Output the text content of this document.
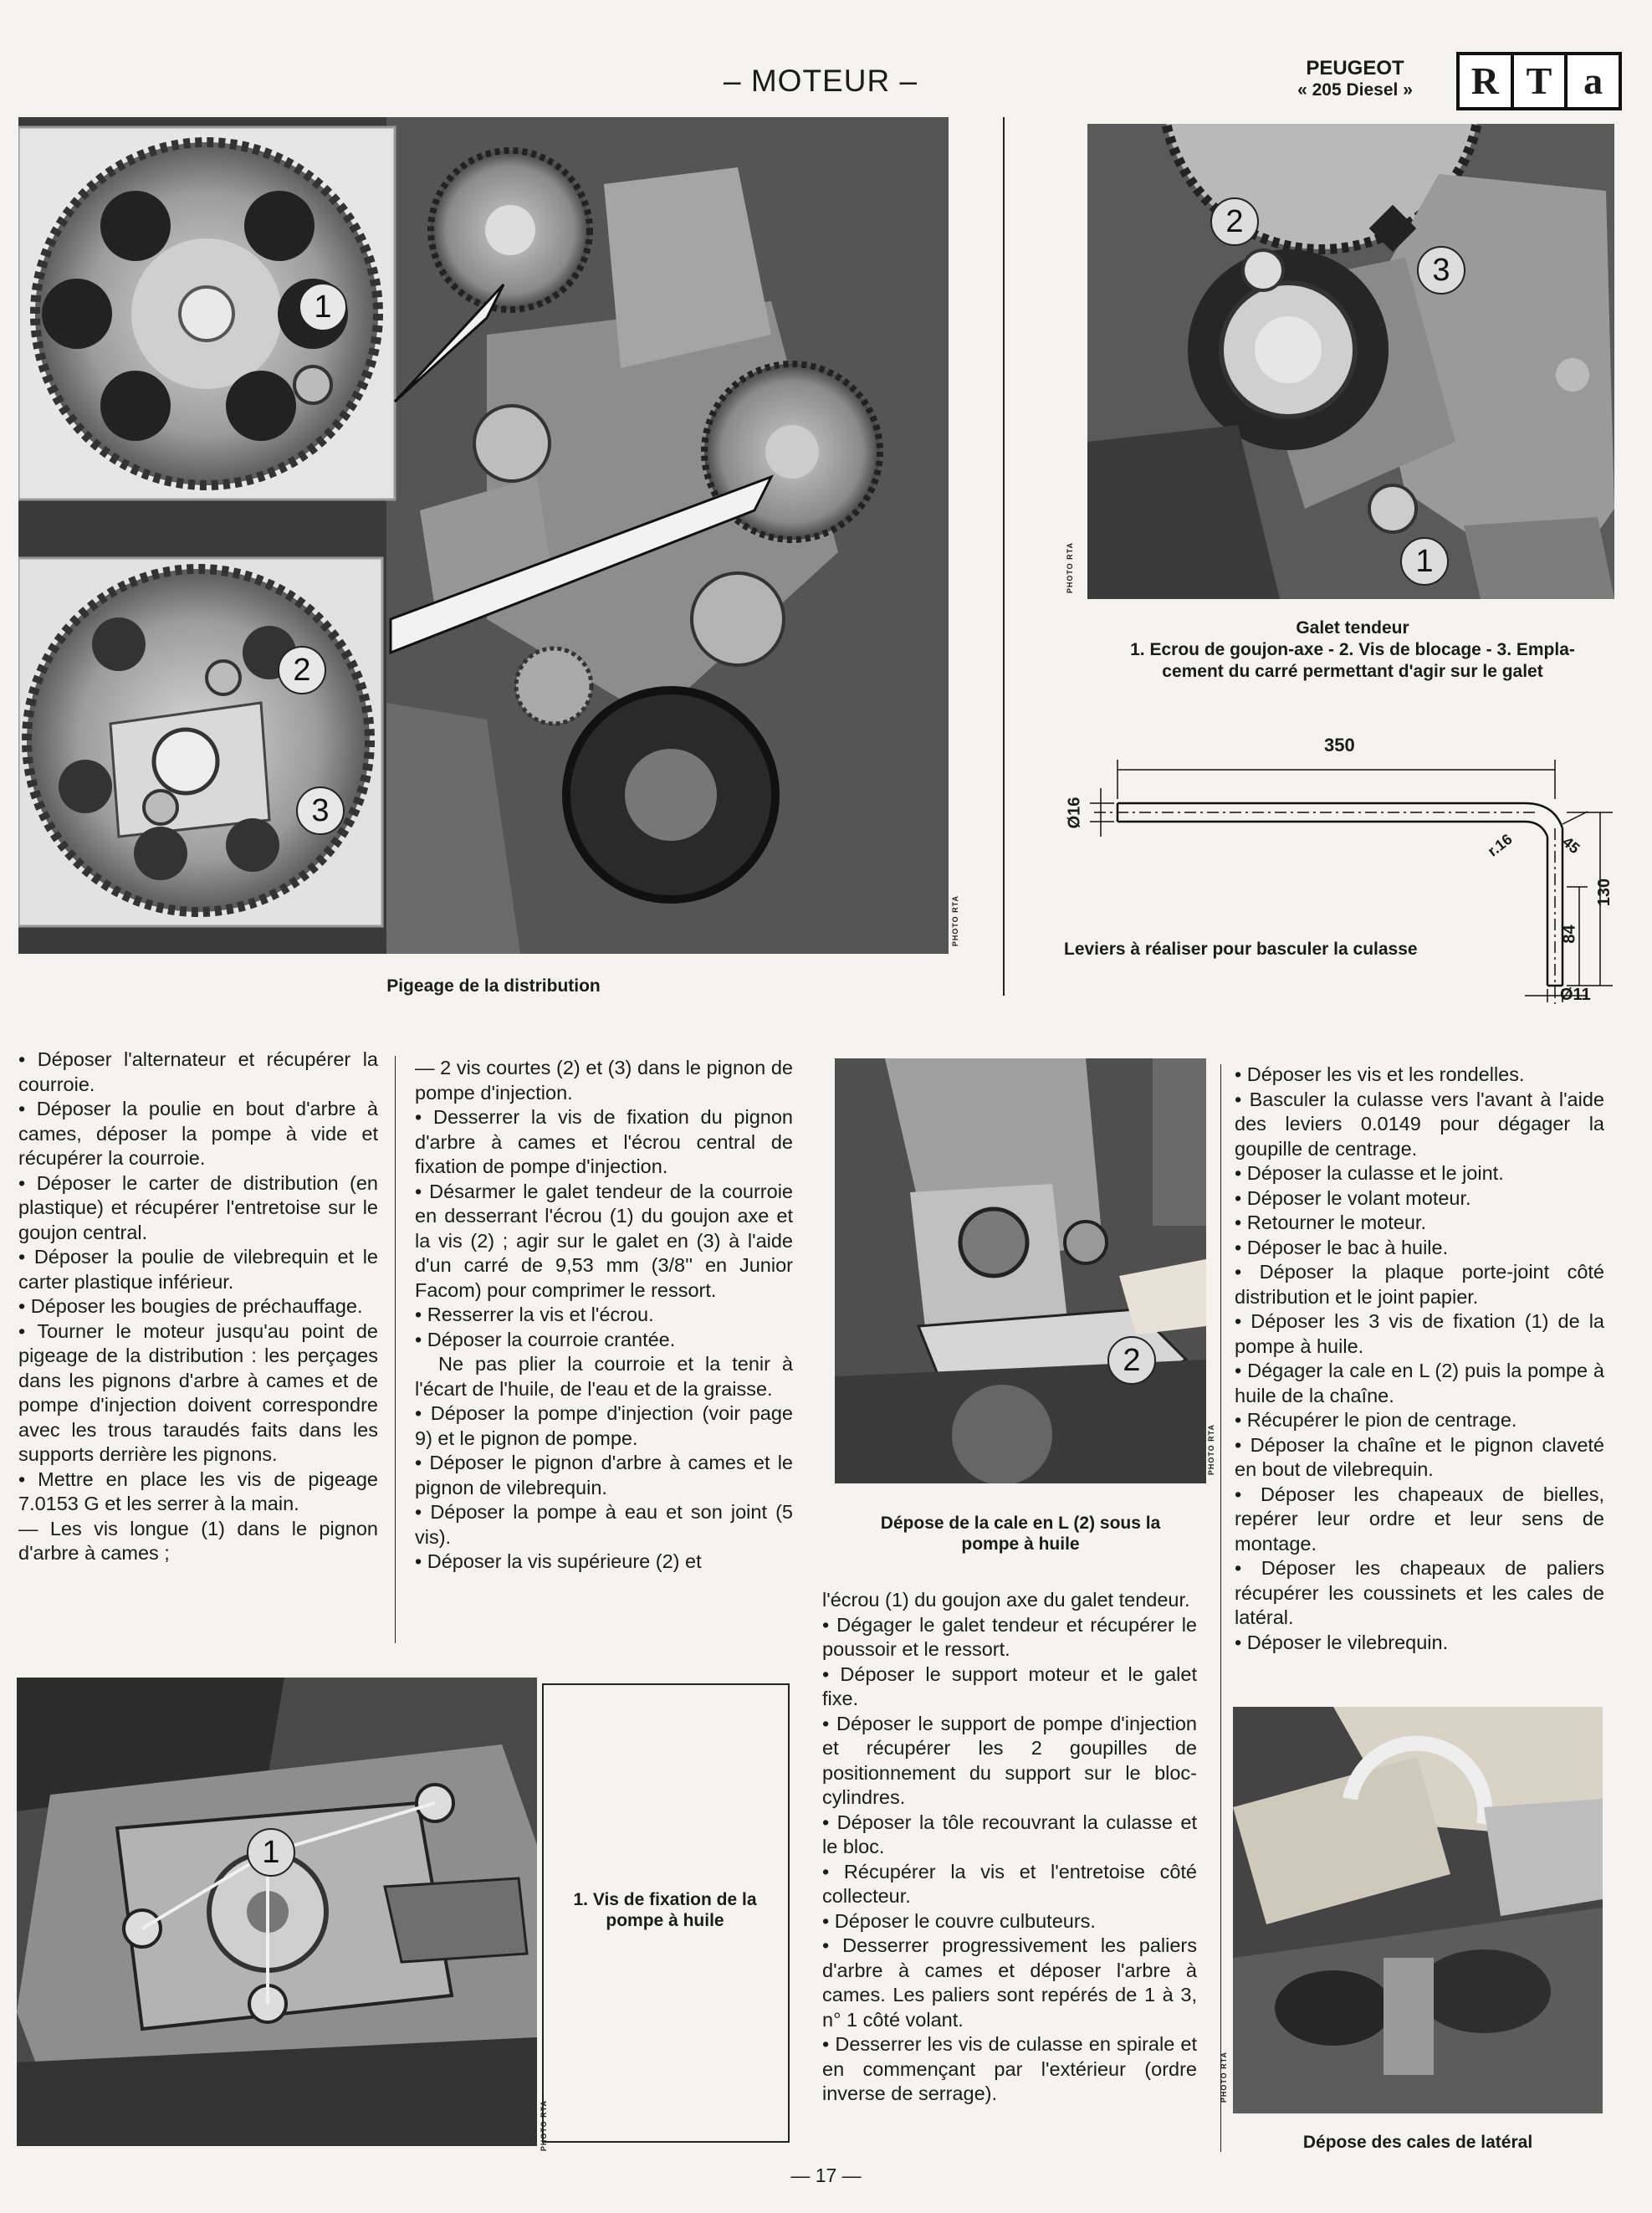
– MOTEUR –	PEUGEOT
« 205 Diesel »	R T a
1
2
3
PHOTO RTA
Pigeage de la distribution
2
3
1
PHOTO RTA
Galet tendeur
1. Ecrou de goujon-axe - 2. Vis de blocage - 3. Empla-
cement du carré permettant d'agir sur le galet
350
Ø16
r.16	45
84
130
Ø11
Leviers à réaliser pour basculer la culasse

• Déposer l'alternateur et récupérer la courroie.

• Déposer la poulie en bout d'arbre à cames, déposer la pompe à vide et récupérer la courroie.

• Déposer le carter de distribution (en plastique) et récupérer l'entretoise sur le goujon central.

• Déposer la poulie de vilebrequin et le carter plastique inférieur.

• Déposer les bougies de préchauffage.

• Tourner le moteur jusqu'au point de pigeage de la distribution : les perçages dans les pignons d'arbre à cames et de pompe d'injection doivent correspondre avec les trous taraudés faits dans les supports derrière les pignons.

• Mettre en place les vis de pigeage 7.0153 G et les serrer à la main.

— Les vis longue (1) dans le pignon d'arbre à cames ;

— 2 vis courtes (2) et (3) dans le pignon de pompe d'injection.

• Desserrer la vis de fixation du pignon d'arbre à cames et l'écrou central de fixation de pompe d'injection.

• Désarmer le galet tendeur de la courroie en desserrant l'écrou (1) du goujon axe et la vis (2) ; agir sur le galet en (3) à l'aide d'un carré de 9,53 mm (3/8'' en Junior Facom) pour comprimer le ressort.

• Resserrer la vis et l'écrou.

• Déposer la courroie crantée.

Ne pas plier la courroie et la tenir à l'écart de l'huile, de l'eau et de la graisse.

• Déposer la pompe d'injection (voir page 9) et le pignon de pompe.

• Déposer le pignon d'arbre à cames et le pignon de vilebrequin.

• Déposer la pompe à eau et son joint (5 vis).

• Déposer la vis supérieure (2) et

2
PHOTO RTA
Dépose de la cale en L (2) sous la
pompe à huile

l'écrou (1) du goujon axe du galet tendeur.

• Dégager le galet tendeur et récupérer le poussoir et le ressort.

• Déposer le support moteur et le galet fixe.

• Déposer le support de pompe d'injection et récupérer les 2 goupilles de positionnement du support sur le bloc-cylindres.

• Déposer la tôle recouvrant la culasse et le bloc.

• Récupérer la vis et l'entretoise côté collecteur.

• Déposer le couvre culbuteurs.

• Desserrer progressivement les paliers d'arbre à cames et déposer l'arbre à cames. Les paliers sont repérés de 1 à 3, n° 1 côté volant.

• Desserrer les vis de culasse en spirale et en commençant par l'extérieur (ordre inverse de serrage).

• Déposer les vis et les rondelles.

• Basculer la culasse vers l'avant à l'aide des leviers 0.0149 pour dégager la goupille de centrage.

• Déposer la culasse et le joint.

• Déposer le volant moteur.

• Retourner le moteur.

• Déposer le bac à huile.

• Déposer la plaque porte-joint côté distribution et le joint papier.

• Déposer les 3 vis de fixation (1) de la pompe à huile.

• Dégager la cale en L (2) puis la pompe à huile de la chaîne.

• Récupérer le pion de centrage.

• Déposer la chaîne et le pignon claveté en bout de vilebrequin.

• Déposer les chapeaux de bielles, repérer leur ordre et leur sens de montage.

• Déposer les chapeaux de paliers récupérer les coussinets et les cales de latéral.

• Déposer le vilebrequin.

1
PHOTO RTA
1. Vis de fixation de la
pompe à huile
PHOTO RTA
Dépose des cales de latéral
— 17 —
